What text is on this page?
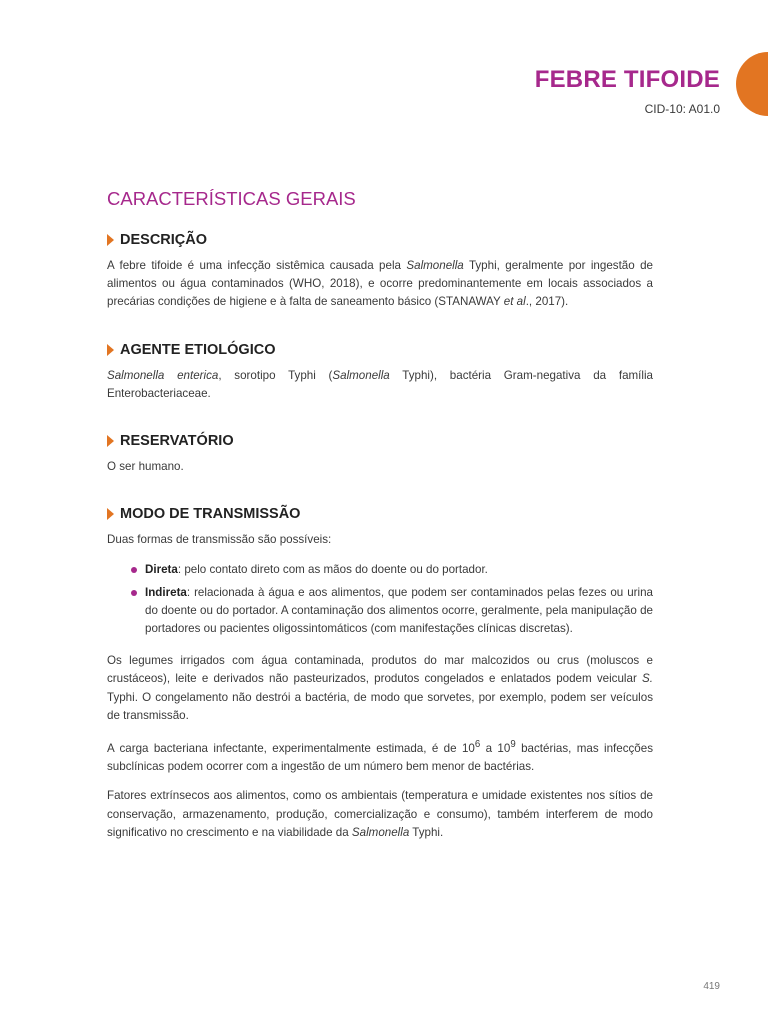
FEBRE TIFOIDE
CID-10: A01.0
CARACTERÍSTICAS GERAIS
DESCRIÇÃO

A febre tifoide é uma infecção sistêmica causada pela Salmonella Typhi, geralmente por ingestão de alimentos ou água contaminados (WHO, 2018), e ocorre predominantemente em locais associados a precárias condições de higiene e à falta de saneamento básico (STANAWAY et al., 2017).

AGENTE ETIOLÓGICO

Salmonella enterica, sorotipo Typhi (Salmonella Typhi), bactéria Gram-negativa da família Enterobacteriaceae.

RESERVATÓRIO

O ser humano.

MODO DE TRANSMISSÃO

Duas formas de transmissão são possíveis:

Direta: pelo contato direto com as mãos do doente ou do portador.
Indireta: relacionada à água e aos alimentos, que podem ser contaminados pelas fezes ou urina do doente ou do portador. A contaminação dos alimentos ocorre, geralmente, pela manipulação de portadores ou pacientes oligossintomáticos (com manifestações clínicas discretas).

Os legumes irrigados com água contaminada, produtos do mar malcozidos ou crus (moluscos e crustáceos), leite e derivados não pasteurizados, produtos congelados e enlatados podem veicular S. Typhi. O congelamento não destrói a bactéria, de modo que sorvetes, por exemplo, podem ser veículos de transmissão.

A carga bacteriana infectante, experimentalmente estimada, é de $10^6$ a $10^9$ bactérias, mas infecções subclínicas podem ocorrer com a ingestão de um número bem menor de bactérias.

Fatores extrínsecos aos alimentos, como os ambientais (temperatura e umidade existentes nos sítios de conservação, armazenamento, produção, comercialização e consumo), também interferem de modo significativo no crescimento e na viabilidade da Salmonella Typhi.

419
